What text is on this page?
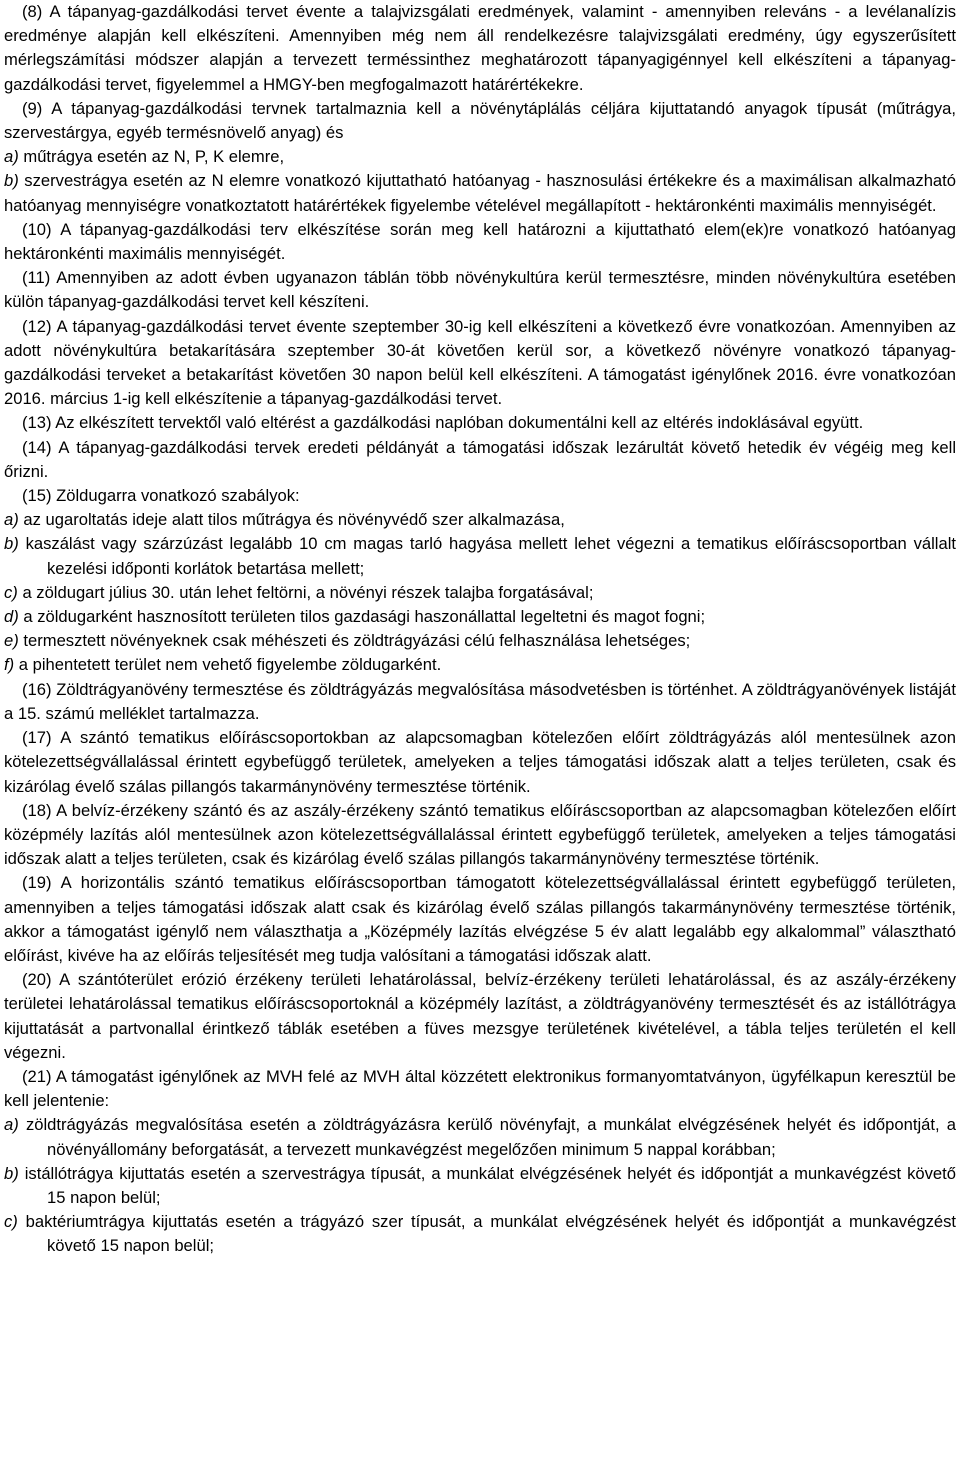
(8) A tápanyag-gazdálkodási tervet évente a talajvizsgálati eredmények, valamint - amennyiben releváns - a levélanalízis eredménye alapján kell elkészíteni. Amennyiben még nem áll rendelkezésre talajvizsgálati eredmény, úgy egyszerűsített mérlegszámítási módszer alapján a tervezett terméssinthez meghatározott tápanyagigénnyel kell elkészíteni a tápanyag-gazdálkodási tervet, figyelemmel a HMGY-ben megfogalmazott határértékekre.

(9) A tápanyag-gazdálkodási tervnek tartalmaznia kell a növénytáplálás céljára kijuttatandó anyagok típusát (műtrágya, szervestárgya, egyéb termésnövelő anyag) és

a) műtrágya esetén az N, P, K elemre,

b) szervestrágya esetén az N elemre vonatkozó kijuttatható hatóanyag - hasznosulási értékekre és a maximálisan alkalmazható hatóanyag mennyiségre vonatkoztatott határértékek figyelembe vételével megállapított - hektáronkénti maximális mennyiségét.

(10) A tápanyag-gazdálkodási terv elkészítése során meg kell határozni a kijuttatható elem(ek)re vonatkozó hatóanyag hektáronkénti maximális mennyiségét.

(11) Amennyiben az adott évben ugyanazon táblán több növénykultúra kerül termesztésre, minden növénykultúra esetében külön tápanyag-gazdálkodási tervet kell készíteni.

(12) A tápanyag-gazdálkodási tervet évente szeptember 30-ig kell elkészíteni a következő évre vonatkozóan. Amennyiben az adott növénykultúra betakarítására szeptember 30-át követően kerül sor, a következő növényre vonatkozó tápanyag-gazdálkodási terveket a betakarítást követően 30 napon belül kell elkészíteni. A támogatást igénylőnek 2016. évre vonatkozóan 2016. március 1-ig kell elkészítenie a tápanyag-gazdálkodási tervet.

(13) Az elkészített tervektől való eltérést a gazdálkodási naplóban dokumentálni kell az eltérés indoklásával együtt.

(14) A tápanyag-gazdálkodási tervek eredeti példányát a támogatási időszak lezárultát követő hetedik év végéig meg kell őrizni.

(15) Zöldugarra vonatkozó szabályok:

a) az ugaroltatás ideje alatt tilos műtrágya és növényvédő szer alkalmazása,

b) kaszálást vagy szárzúzást legalább 10 cm magas tarló hagyása mellett lehet végezni a tematikus előíráscsoportban vállalt kezelési időponti korlátok betartása mellett;

c) a zöldugart július 30. után lehet feltörni, a növényi részek talajba forgatásával;

d) a zöldugarként hasznosított területen tilos gazdasági haszonállattal legeltetni és magot fogni;

e) termesztett növényeknek csak méhészeti és zöldtrágyázási célú felhasználása lehetséges;

f) a pihentetett terület nem vehető figyelembe zöldugarként.

(16) Zöldtrágyanövény termesztése és zöldtrágyázás megvalósítása másodvetésben is történhet. A zöldtrágyanövények listáját a 15. számú melléklet tartalmazza.

(17) A szántó tematikus előíráscsoportokban az alapcsomagban kötelezően előírt zöldtrágyázás alól mentesülnek azon kötelezettségvállalással érintett egybefüggő területek, amelyeken a teljes támogatási időszak alatt a teljes területen, csak és kizárólag évelő szálas pillangós takarmánynövény termesztése történik.

(18) A belvíz-érzékeny szántó és az aszály-érzékeny szántó tematikus előíráscsoportban az alapcsomagban kötelezően előírt középmély lazítás alól mentesülnek azon kötelezettségvállalással érintett egybefüggő területek, amelyeken a teljes támogatási időszak alatt a teljes területen, csak és kizárólag évelő szálas pillangós takarmánynövény termesztése történik.

(19) A horizontális szántó tematikus előíráscsoportban támogatott kötelezettségvállalással érintett egybefüggő területen, amennyiben a teljes támogatási időszak alatt csak és kizárólag évelő szálas pillangós takarmánynövény termesztése történik, akkor a támogatást igénylő nem választhatja a „Középmély lazítás elvégzése 5 év alatt legalább egy alkalommal” választható előírást, kivéve ha az előírás teljesítését meg tudja valósítani a támogatási időszak alatt.

(20) A szántóterület erózió érzékeny területi lehatárolással, belvíz-érzékeny területi lehatárolással, és az aszály-érzékeny területei lehatárolással tematikus előíráscsoportoknál a középmély lazítást, a zöldtrágyanövény termesztését és az istállótrágya kijuttatását a partvonallal érintkező táblák esetében a füves mezsgye területének kivételével, a tábla teljes területén el kell végezni.

(21) A támogatást igénylőnek az MVH felé az MVH által közzétett elektronikus formanyomtatványon, ügyfélkapun keresztül be kell jelentenie:

a) zöldtrágyázás megvalósítása esetén a zöldtrágyázásra kerülő növényfajt, a munkálat elvégzésének helyét és időpontját, a növényállomány beforgatását, a tervezett munkavégzést megelőzően minimum 5 nappal korábban;

b) istállótrágya kijuttatás esetén a szervestrágya típusát, a munkálat elvégzésének helyét és időpontját a munkavégzést követő 15 napon belül;

c) baktériumtrágya kijuttatás esetén a trágyázó szer típusát, a munkálat elvégzésének helyét és időpontját a munkavégzést követő 15 napon belül;
